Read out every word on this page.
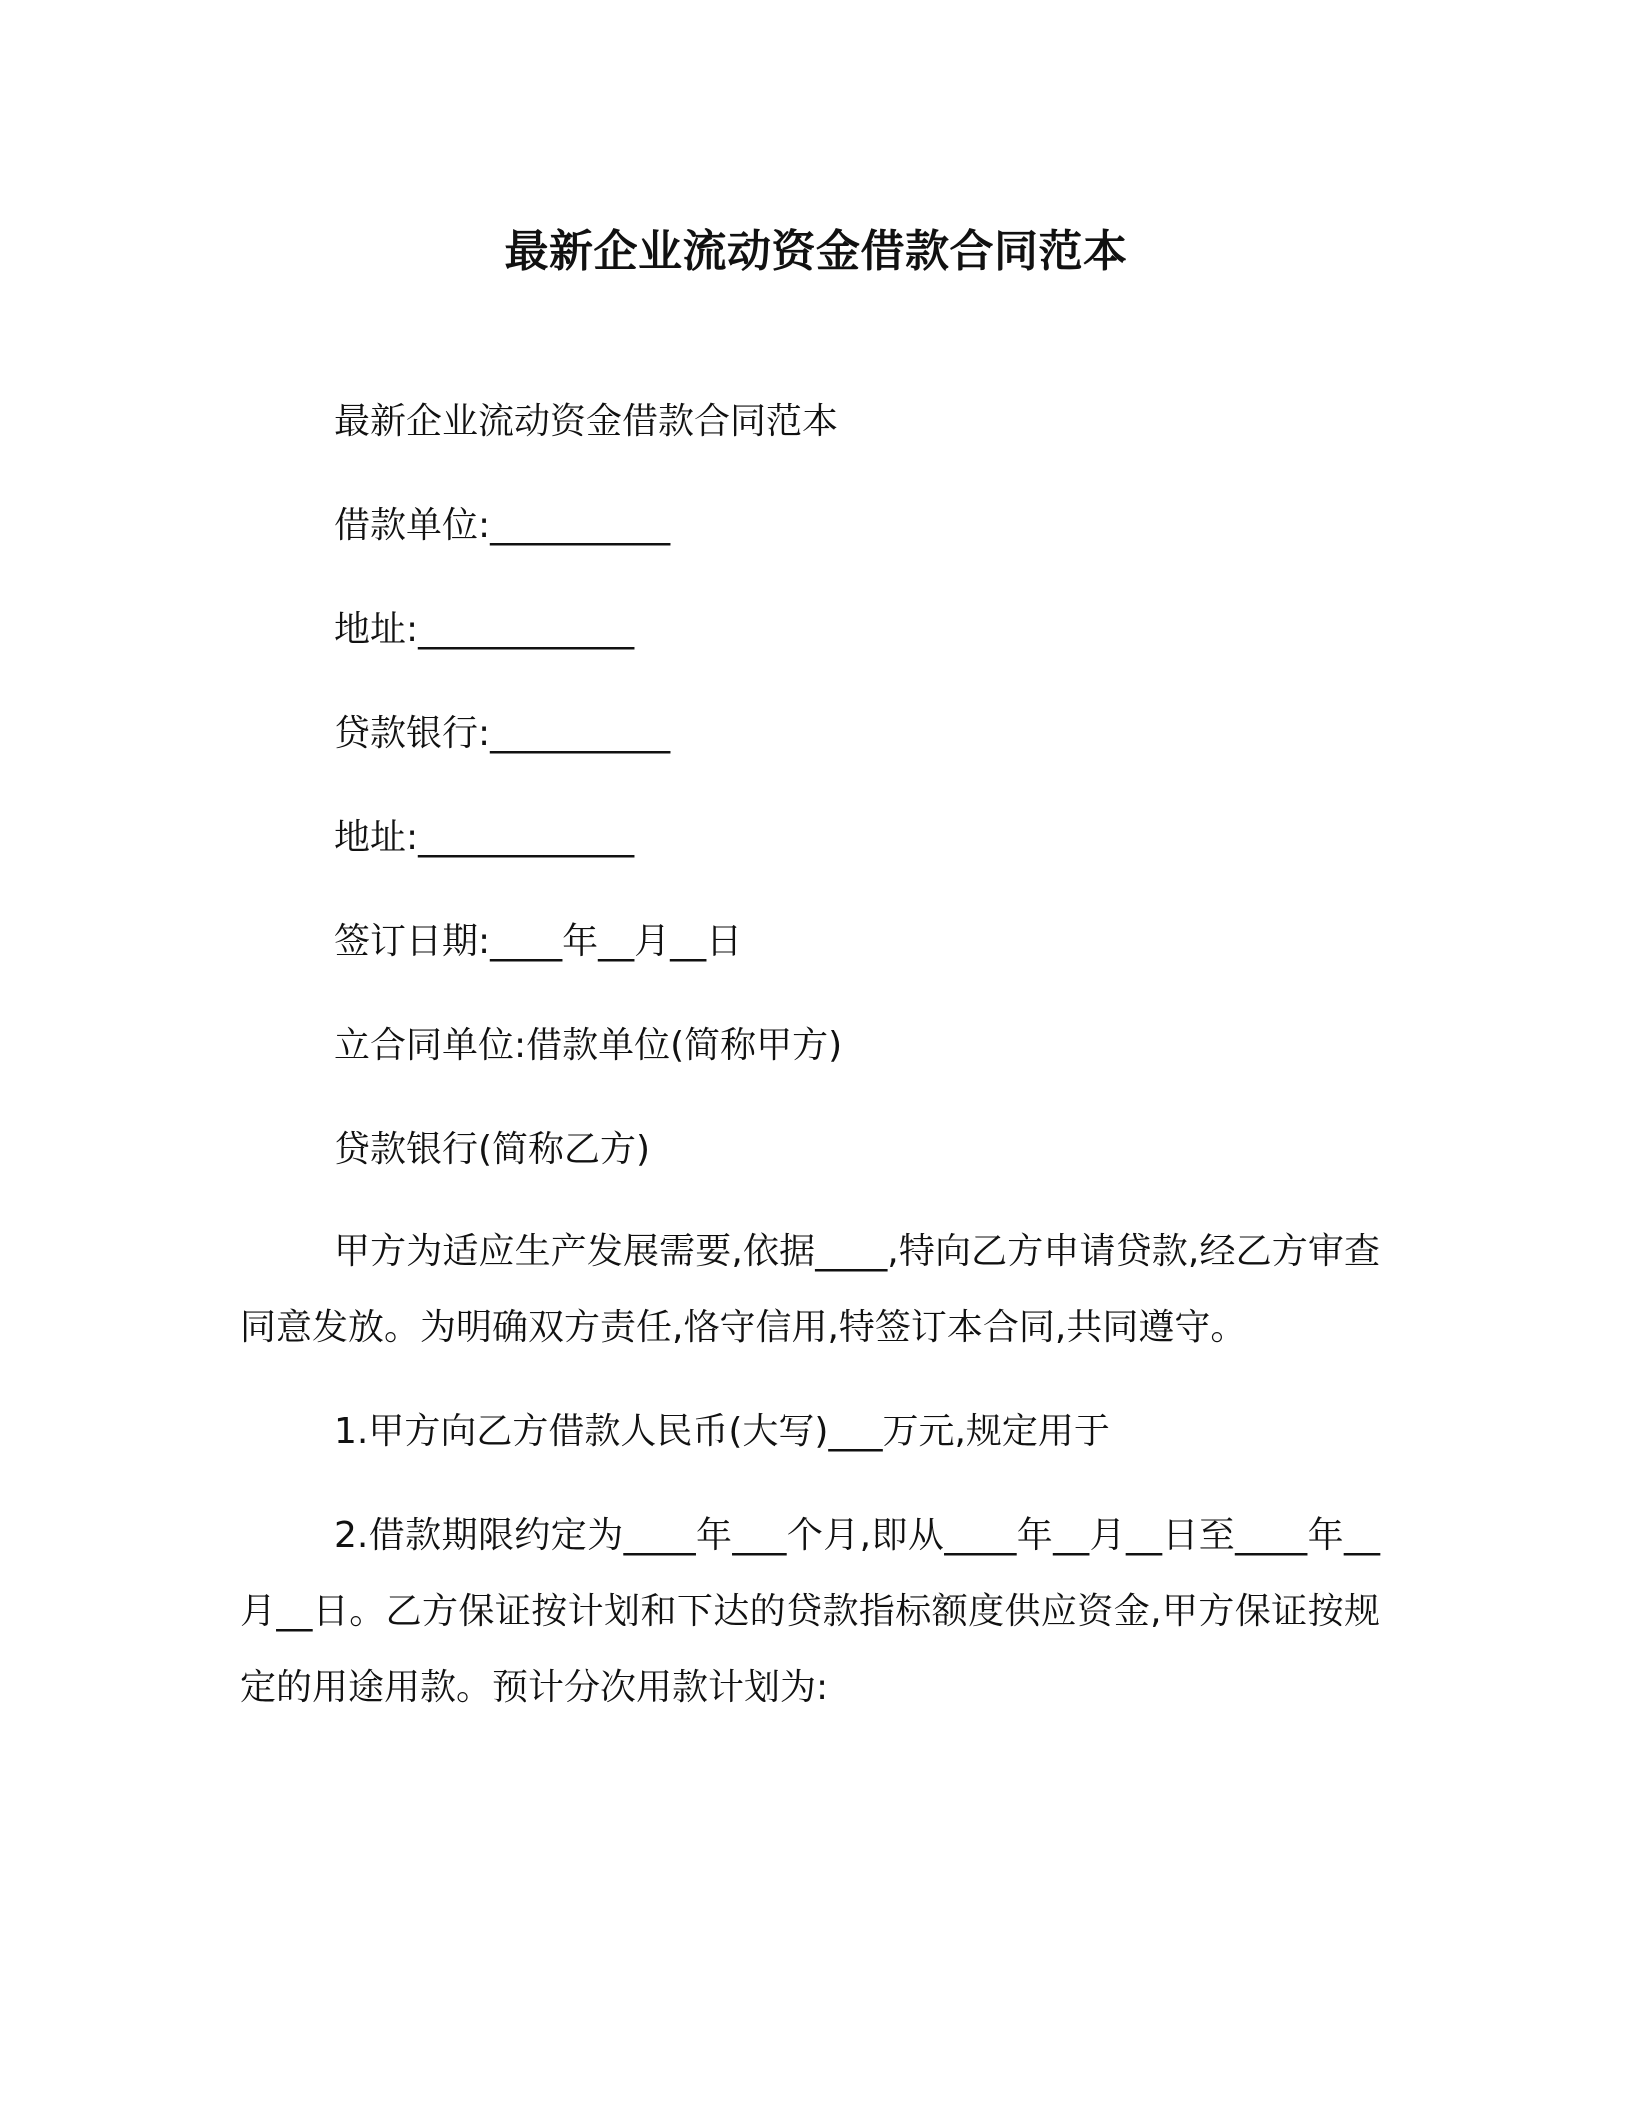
最新企业流动资金借款合同范本
最新企业流动资金借款合同范本
借款单位:__________
地址:____________
贷款银行:__________
地址:____________
签订日期:____年__月__日
立合同单位:借款单位(简称甲方)
贷款银行(简称乙方)
甲方为适应生产发展需要,依据____,特向乙方申请贷款,经乙方审查同意发放。为明确双方责任,恪守信用,特签订本合同,共同遵守。
1.甲方向乙方借款人民币(大写)___万元,规定用于
2.借款期限约定为____年___个月,即从____年__月__日至____年__月__日。乙方保证按计划和下达的贷款指标额度供应资金,甲方保证按规定的用途用款。预计分次用款计划为:
